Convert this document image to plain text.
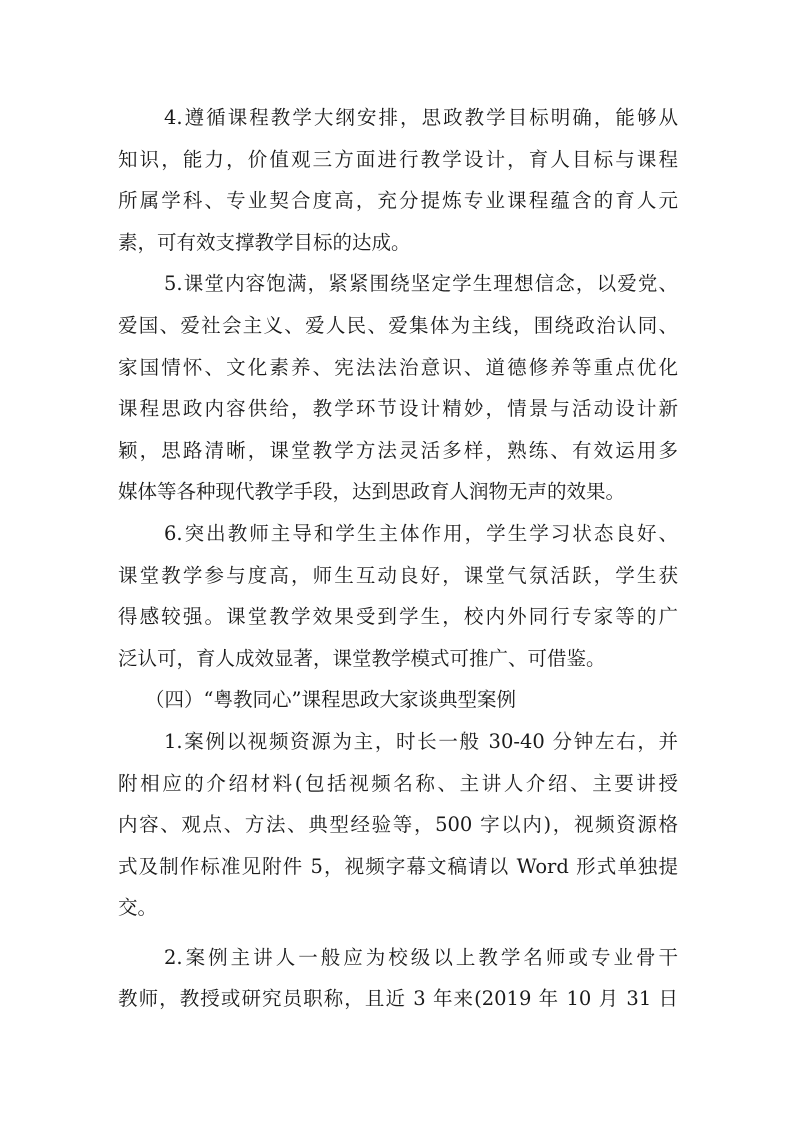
4.遵循课程教学大纲安排，思政教学目标明确，能够从
知识，能力，价值观三方面进行教学设计，育人目标与课程
所属学科、专业契合度高，充分提炼专业课程蕴含的育人元
素，可有效支撑教学目标的达成。
5.课堂内容饱满，紧紧围绕坚定学生理想信念，以爱党、
爱国、爱社会主义、爱人民、爱集体为主线，围绕政治认同、
家国情怀、文化素养、宪法法治意识、道德修养等重点优化
课程思政内容供给，教学环节设计精妙，情景与活动设计新
颖，思路清晰，课堂教学方法灵活多样，熟练、有效运用多
媒体等各种现代教学手段，达到思政育人润物无声的效果。
6.突出教师主导和学生主体作用，学生学习状态良好、
课堂教学参与度高，师生互动良好，课堂气氛活跃，学生获
得感较强。课堂教学效果受到学生，校内外同行专家等的广
泛认可，育人成效显著，课堂教学模式可推广、可借鉴。
（四）“粤教同心”课程思政大家谈典型案例
1.案例以视频资源为主，时长一般 30-40 分钟左右，并
附相应的介绍材料(包括视频名称、主讲人介绍、主要讲授
内容、观点、方法、典型经验等，500 字以内)，视频资源格
式及制作标准见附件 5，视频字幕文稿请以 Word 形式单独提
交。
2.案例主讲人一般应为校级以上教学名师或专业骨干
教师，教授或研究员职称，且近 3 年来(2019 年 10 月 31 日
